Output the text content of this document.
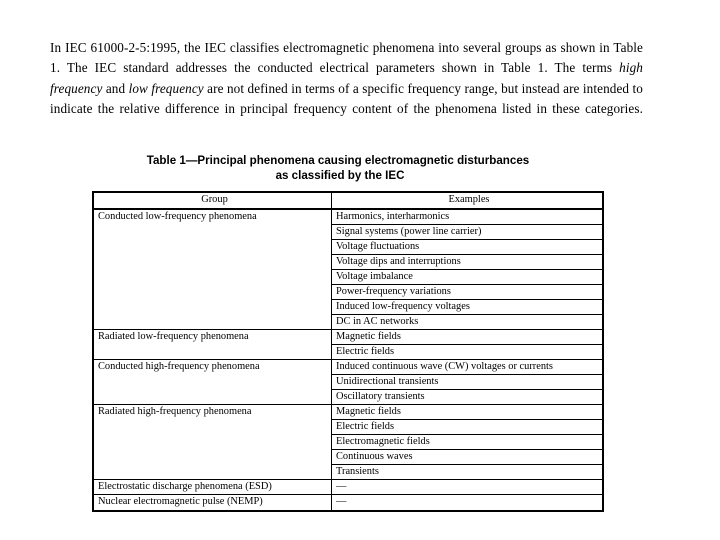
In IEC 61000-2-5:1995, the IEC classifies electromagnetic phenomena into several groups as shown in Table 1. The IEC standard addresses the conducted electrical parameters shown in Table 1. The terms high frequency and low frequency are not defined in terms of a specific frequency range, but instead are intended to indicate the relative difference in principal frequency content of the phenomena listed in these categories.
Table 1—Principal phenomena causing electromagnetic disturbances
as classified by the IEC
Group	Examples
Conducted low-frequency phenomena	Harmonics, interharmonics
Signal systems (power line carrier)
Voltage fluctuations
Voltage dips and interruptions
Voltage imbalance
Power-frequency variations
Induced low-frequency voltages
DC in AC networks
Radiated low-frequency phenomena	Magnetic fields
Electric fields
Conducted high-frequency phenomena	Induced continuous wave (CW) voltages or currents
Unidirectional transients
Oscillatory transients
Radiated high-frequency phenomena	Magnetic fields
Electric fields
Electromagnetic fields
Continuous waves
Transients
Electrostatic discharge phenomena (ESD)	—
Nuclear electromagnetic pulse (NEMP)	—
